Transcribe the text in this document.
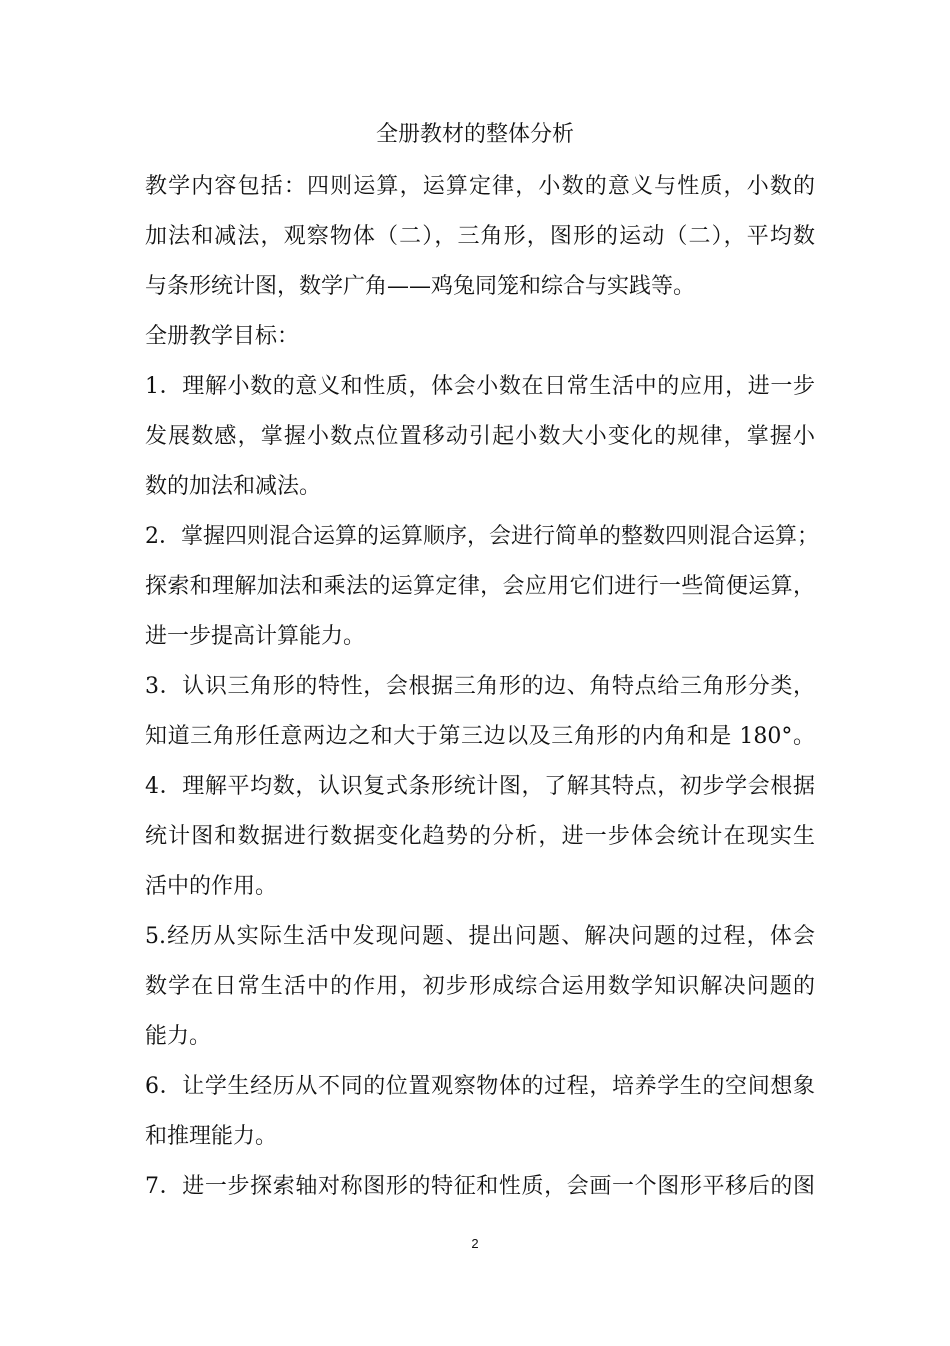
全册教材的整体分析
教学内容包括：四则运算，运算定律，小数的意义与性质，小数的
加法和减法，观察物体（二），三角形，图形的运动（二），平均数
与条形统计图，数学广角——鸡兔同笼和综合与实践等。
全册教学目标：
1．理解小数的意义和性质，体会小数在日常生活中的应用，进一步
发展数感，掌握小数点位置移动引起小数大小变化的规律，掌握小
数的加法和减法。
2．掌握四则混合运算的运算顺序，会进行简单的整数四则混合运算；
探索和理解加法和乘法的运算定律，会应用它们进行一些简便运算，
进一步提高计算能力。
3．认识三角形的特性，会根据三角形的边、角特点给三角形分类，
知道三角形任意两边之和大于第三边以及三角形的内角和是 180°。
4．理解平均数，认识复式条形统计图，了解其特点，初步学会根据
统计图和数据进行数据变化趋势的分析，进一步体会统计在现实生
活中的作用。
5.经历从实际生活中发现问题、提出问题、解决问题的过程，体会
数学在日常生活中的作用，初步形成综合运用数学知识解决问题的
能力。
6．让学生经历从不同的位置观察物体的过程，培养学生的空间想象
和推理能力。
7．进一步探索轴对称图形的特征和性质，会画一个图形平移后的图
2
